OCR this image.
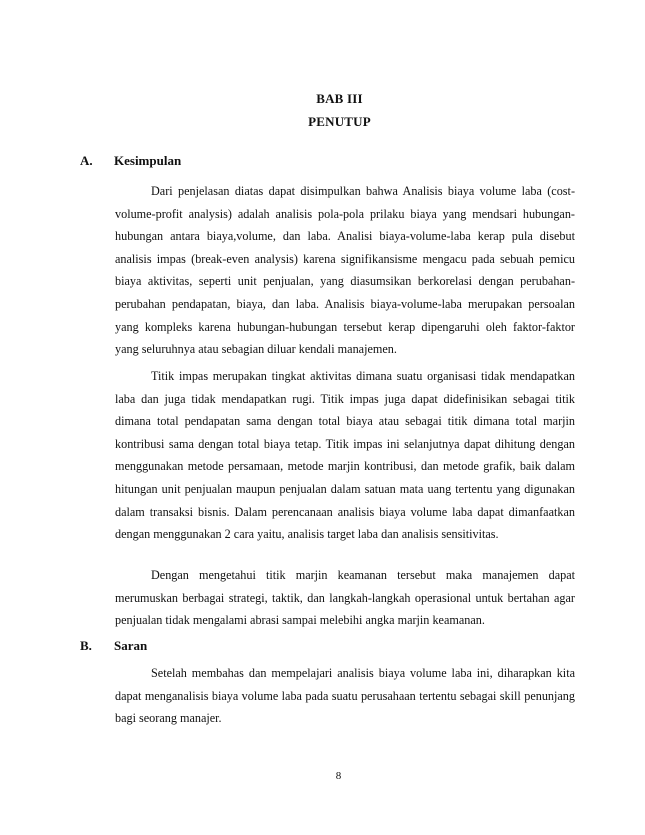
BAB III
PENUTUP
A. Kesimpulan

Dari penjelasan diatas dapat disimpulkan bahwa Analisis biaya volume laba (cost-volume-profit analysis) adalah analisis pola-pola prilaku biaya yang mendsari hubungan-hubungan antara biaya,volume, dan laba. Analisi biaya-volume-laba kerap pula disebut analisis impas (break-even analysis) karena signifikansisme mengacu pada sebuah pemicu biaya aktivitas, seperti unit penjualan, yang diasumsikan berkorelasi dengan perubahan-perubahan pendapatan, biaya, dan laba. Analisis biaya-volume-laba merupakan persoalan yang kompleks karena hubungan-hubungan tersebut kerap dipengaruhi oleh faktor-faktor yang seluruhnya atau sebagian diluar kendali manajemen.

Titik impas merupakan tingkat aktivitas dimana suatu organisasi tidak mendapatkan laba dan juga tidak mendapatkan rugi. Titik impas juga dapat didefinisikan sebagai titik dimana total pendapatan sama dengan total biaya atau sebagai titik dimana total marjin kontribusi sama dengan total biaya tetap. Titik impas ini selanjutnya dapat dihitung dengan menggunakan metode persamaan, metode marjin kontribusi, dan metode grafik, baik dalam hitungan unit penjualan maupun penjualan dalam satuan mata uang tertentu yang digunakan dalam transaksi bisnis. Dalam perencanaan analisis biaya volume laba dapat dimanfaatkan dengan menggunakan 2 cara yaitu, analisis target laba dan analisis sensitivitas.

Dengan mengetahui titik marjin keamanan tersebut maka manajemen dapat merumuskan berbagai strategi, taktik, dan langkah-langkah operasional untuk bertahan agar penjualan tidak mengalami abrasi sampai melebihi angka marjin keamanan.

B. Saran

Setelah membahas dan mempelajari analisis biaya volume laba ini, diharapkan kita dapat menganalisis biaya volume laba pada suatu perusahaan tertentu sebagai skill penunjang bagi seorang manajer.

8
